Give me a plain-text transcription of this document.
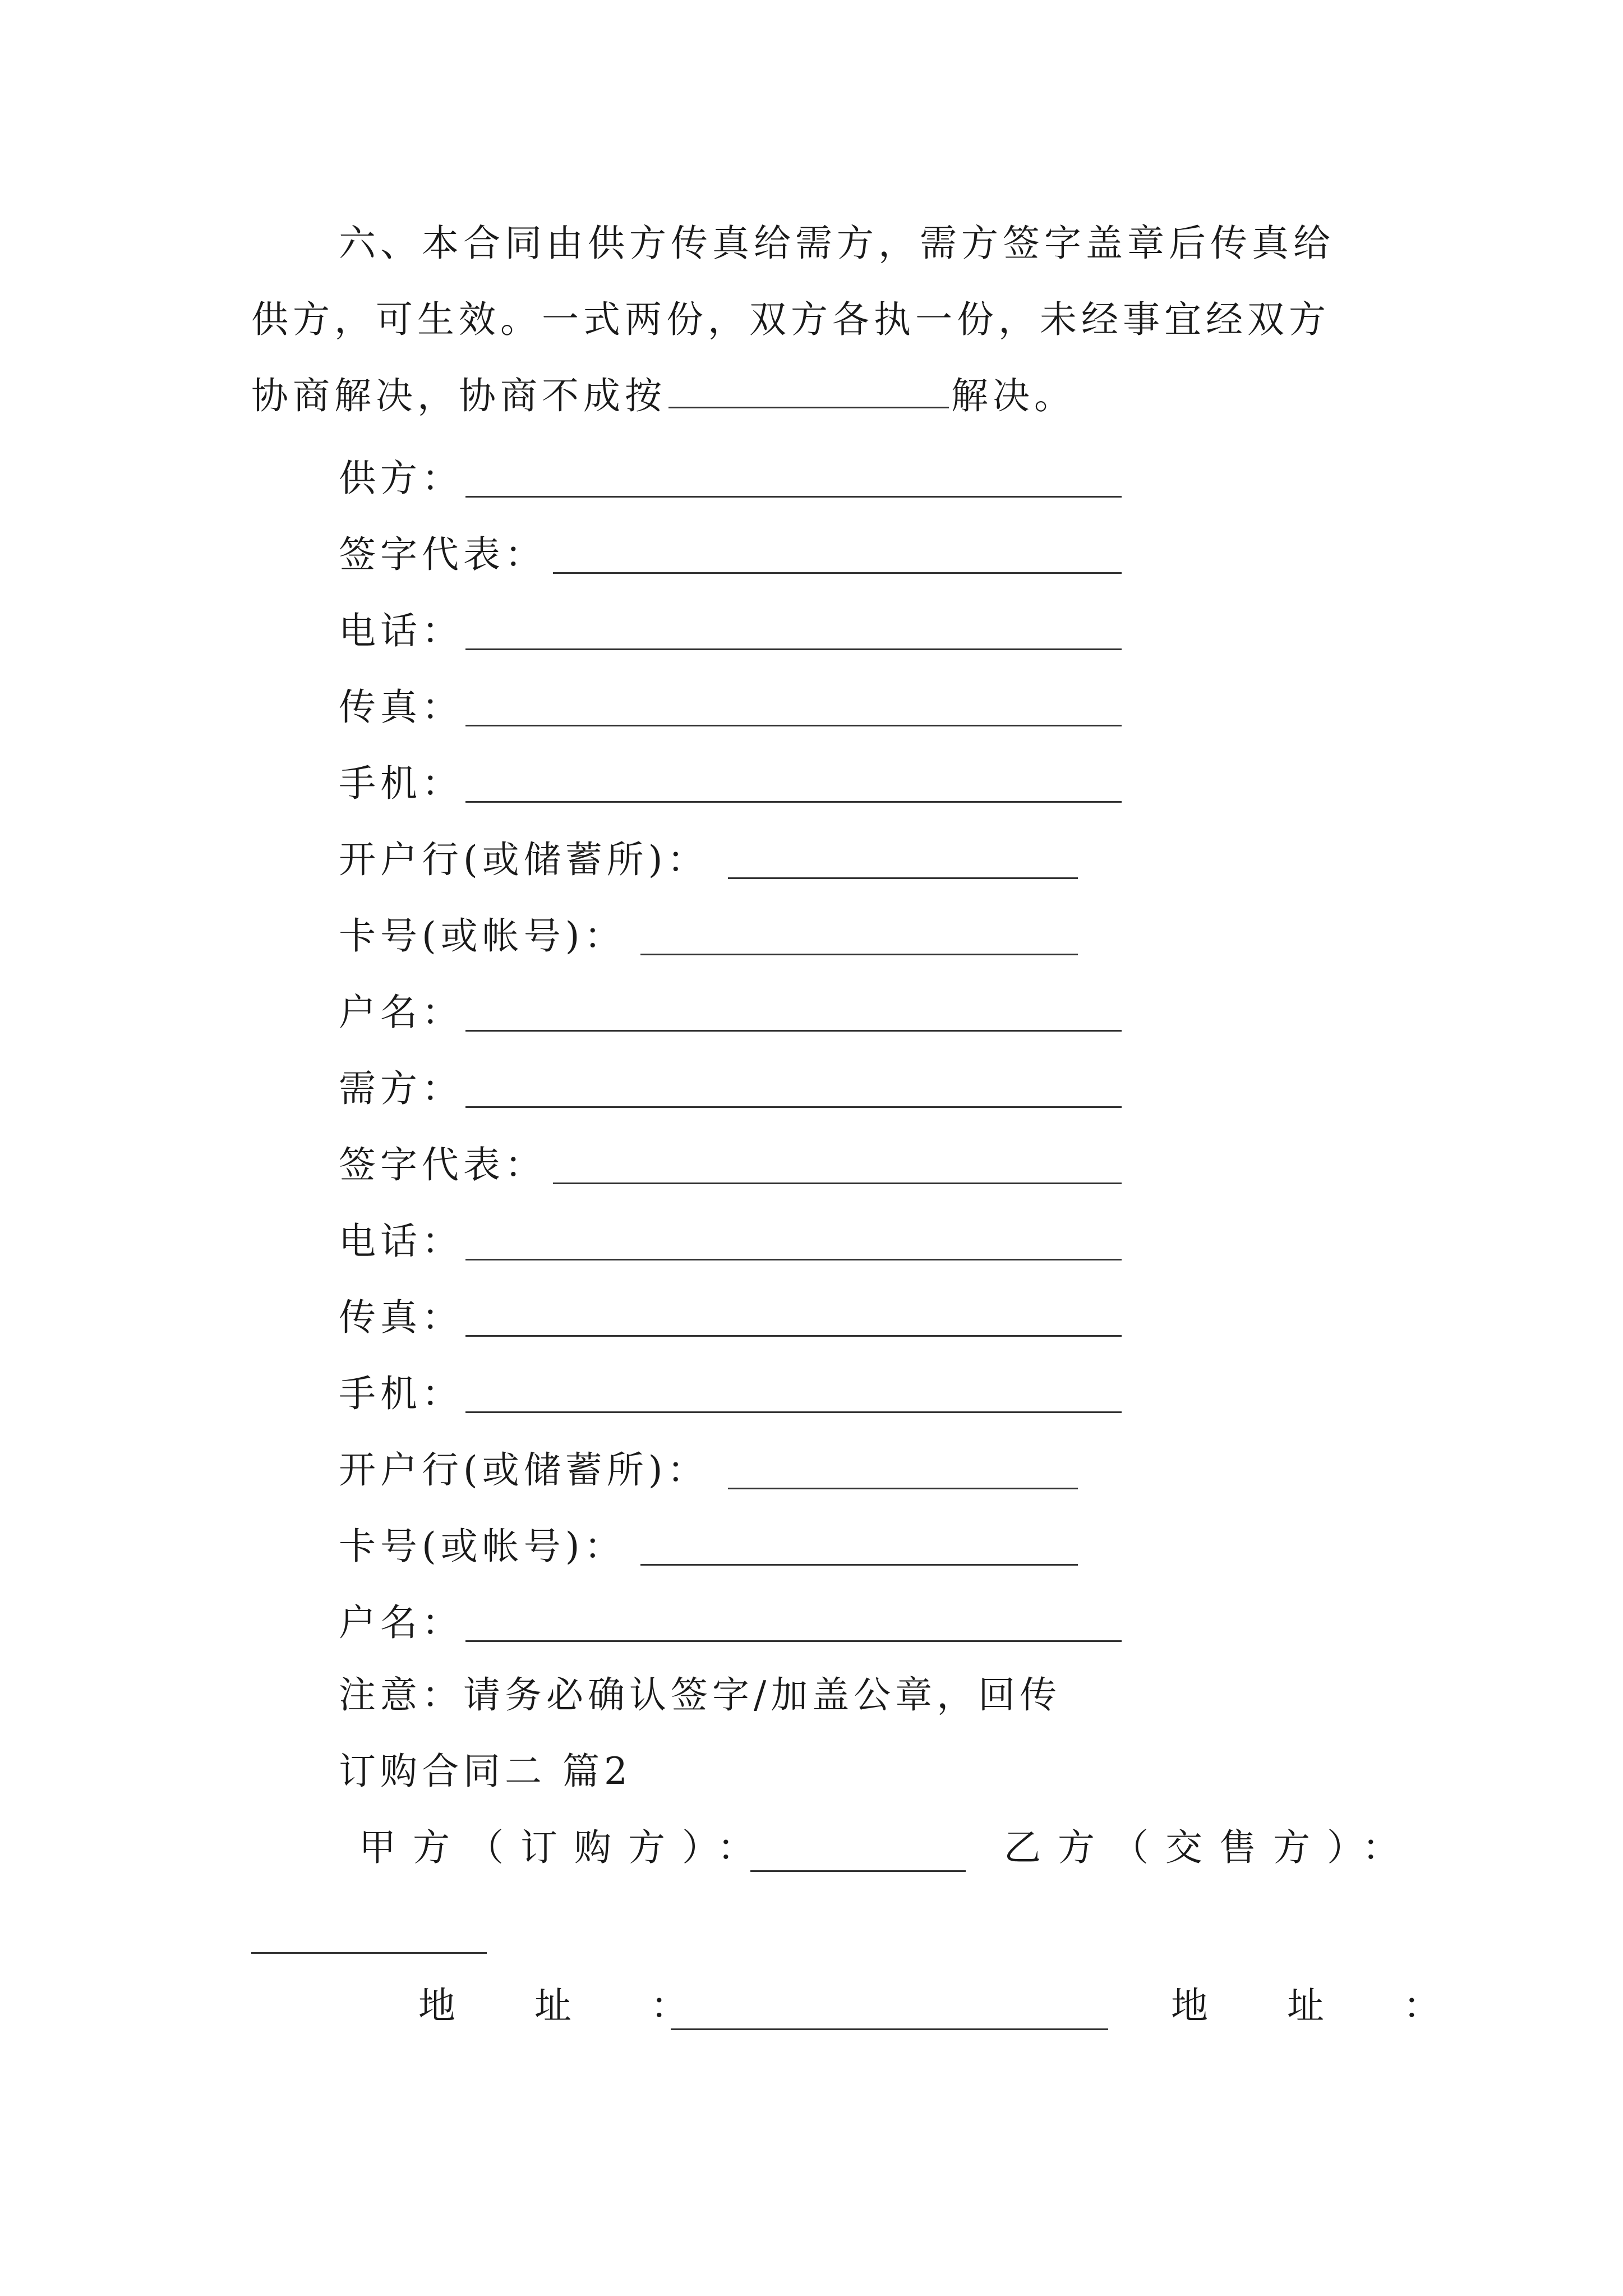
六、本合同由供方传真给需方，需方签字盖章后传真给

供方，可生效。一式两份，双方各执一份，未经事宜经双方

协商解决，协商不成按	解决。

供方：
签字代表：
电话：
传真：
手机：
开户行(或储蓄所)：
卡号(或帐号)：
户名：
需方：
签字代表：
电话：
传真：
手机：
开户行(或储蓄所)：
卡号(或帐号)：
户名：
注意：请务必确认签字/加盖公章，回传
订购合同二 篇2
甲方（订购方）：	乙方（交售方）：
地 址 ：	地 址 ：
